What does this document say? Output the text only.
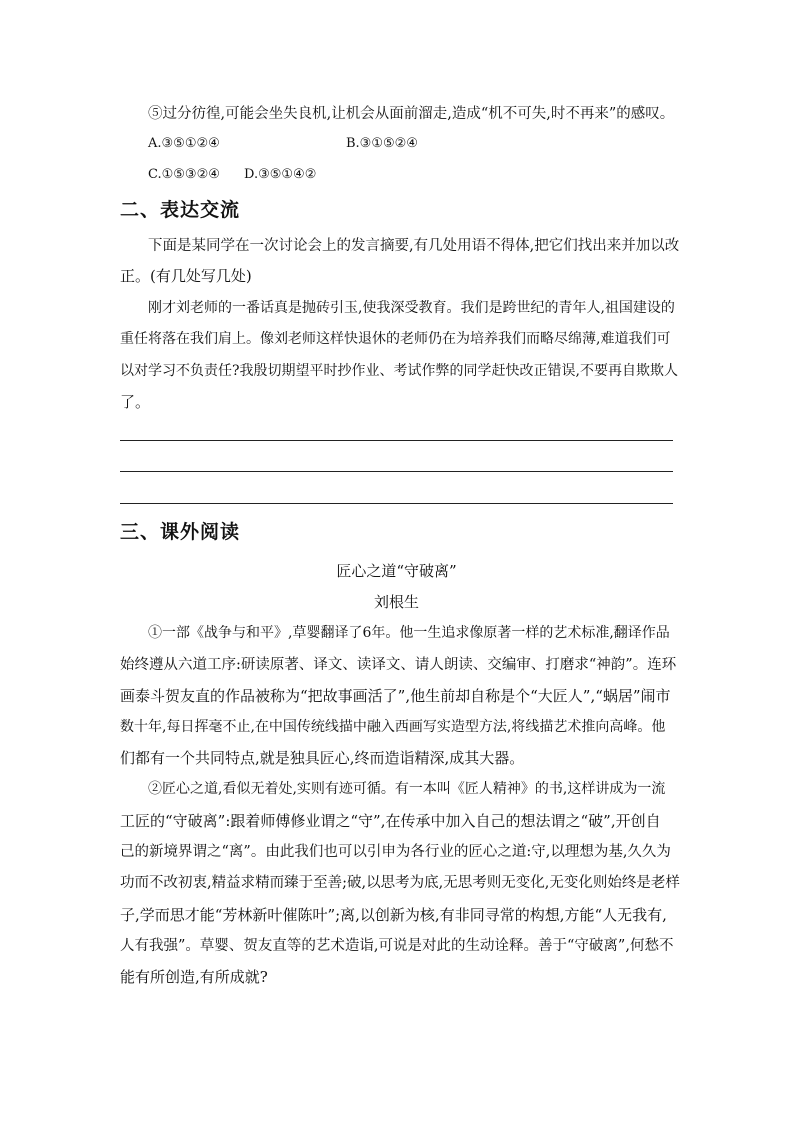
⑤过分彷徨,可能会坐失良机,让机会从面前溜走,造成“机不可失,时不再来”的感叹。
A.③⑤①②④	B.③①⑤②④
C.①⑤③②④ D.③⑤①④②
二、表达交流
下面是某同学在一次讨论会上的发言摘要,有几处用语不得体,把它们找出来并加以改
正。(有几处写几处)
刚才刘老师的一番话真是抛砖引玉,使我深受教育。我们是跨世纪的青年人,祖国建设的
重任将落在我们肩上。像刘老师这样快退休的老师仍在为培养我们而略尽绵薄,难道我们可
以对学习不负责任?我殷切期望平时抄作业、考试作弊的同学赶快改正错误,不要再自欺欺人
了。
三、课外阅读
匠心之道“守破离”
刘根生
①一部《战争与和平》,草婴翻译了6年。他一生追求像原著一样的艺术标准,翻译作品
始终遵从六道工序:研读原著、译文、读译文、请人朗读、交编审、打磨求“神韵”。连环
画泰斗贺友直的作品被称为“把故事画活了”,他生前却自称是个“大匠人”,“蜗居”闹市
数十年,每日挥毫不止,在中国传统线描中融入西画写实造型方法,将线描艺术推向高峰。他
们都有一个共同特点,就是独具匠心,终而造诣精深,成其大器。
②匠心之道,看似无着处,实则有迹可循。有一本叫《匠人精神》的书,这样讲成为一流
工匠的“守破离”:跟着师傅修业谓之“守”,在传承中加入自己的想法谓之“破”,开创自
己的新境界谓之“离”。由此我们也可以引申为各行业的匠心之道:守,以理想为基,久久为
功而不改初衷,精益求精而臻于至善;破,以思考为底,无思考则无变化,无变化则始终是老样
子,学而思才能“芳林新叶催陈叶”;离,以创新为核,有非同寻常的构想,方能“人无我有,
人有我强”。草婴、贺友直等的艺术造诣,可说是对此的生动诠释。善于“守破离”,何愁不
能有所创造,有所成就?
